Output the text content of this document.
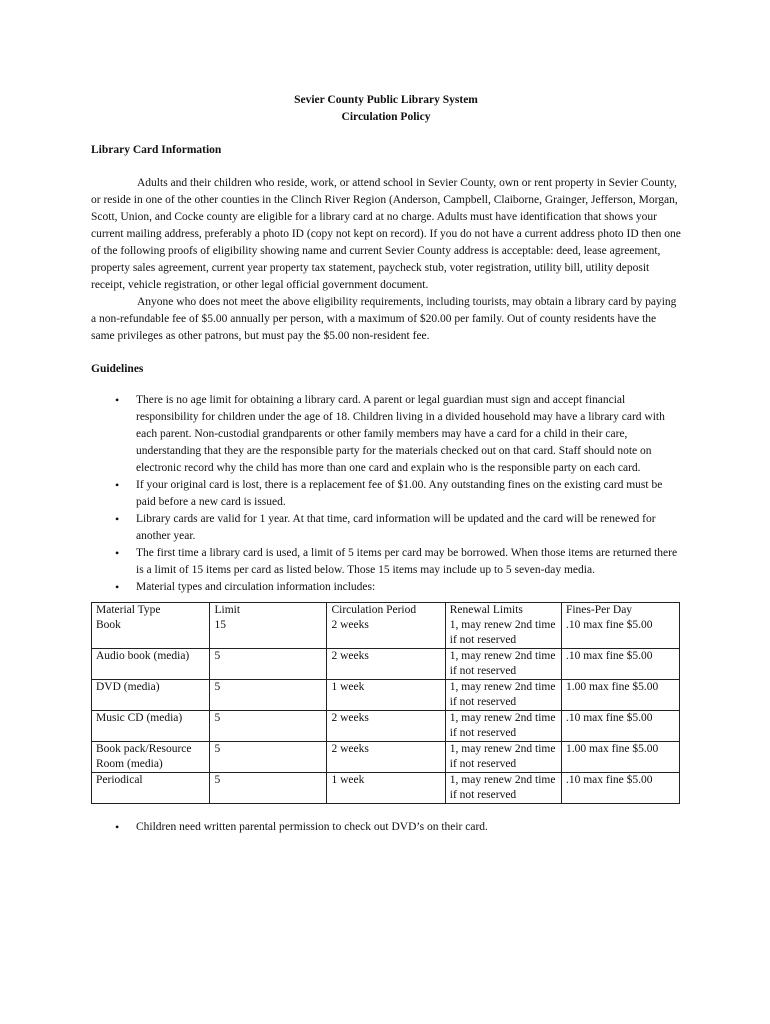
Sevier County Public Library System

Circulation Policy

Library Card Information

Adults and their children who reside, work, or attend school in Sevier County, own or rent property in Sevier County, or reside in one of the other counties in the Clinch River Region (Anderson, Campbell, Claiborne, Grainger, Jefferson, Morgan, Scott, Union, and Cocke county are eligible for a library card at no charge. Adults must have identification that shows your current mailing address, preferably a photo ID (copy not kept on record). If you do not have a current address photo ID then one of the following proofs of eligibility showing name and current Sevier County address is acceptable: deed, lease agreement, property sales agreement, current year property tax statement, paycheck stub, voter registration, utility bill, utility deposit receipt, vehicle registration, or other legal official government document.

Anyone who does not meet the above eligibility requirements, including tourists, may obtain a library card by paying a non-refundable fee of $5.00 annually per person, with a maximum of $20.00 per family. Out of county residents have the same privileges as other patrons, but must pay the $5.00 non-resident fee.

Guidelines

• There is no age limit for obtaining a library card. A parent or legal guardian must sign and accept financial responsibility for children under the age of 18. Children living in a divided household may have a library card with each parent. Non-custodial grandparents or other family members may have a card for a child in their care, understanding that they are the responsible party for the materials checked out on that card. Staff should note on electronic record why the child has more than one card and explain who is the responsible party on each card.
• If your original card is lost, there is a replacement fee of $1.00. Any outstanding fines on the existing card must be paid before a new card is issued.
• Library cards are valid for 1 year. At that time, card information will be updated and the card will be renewed for another year.
• The first time a library card is used, a limit of 5 items per card may be borrowed. When those items are returned there is a limit of 15 items per card as listed below. Those 15 items may include up to 5 seven-day media.
• Material types and circulation information includes:
Material Type	Limit	Circulation Period	Renewal Limits	Fines-Per Day
Book	15	2 weeks	1, may renew 2nd time if not reserved	.10 max fine $5.00
Audio book (media)	5	2 weeks	1, may renew 2nd time if not reserved	.10 max fine $5.00
DVD (media)	5	1 week	1, may renew 2nd time if not reserved	1.00 max fine $5.00
Music CD (media)	5	2 weeks	1, may renew 2nd time if not reserved	.10 max fine $5.00
Book pack/Resource Room (media)	5	2 weeks	1, may renew 2nd time if not reserved	1.00 max fine $5.00
Periodical	5	1 week	1, may renew 2nd time if not reserved	.10 max fine $5.00
• Children need written parental permission to check out DVD’s on their card.
